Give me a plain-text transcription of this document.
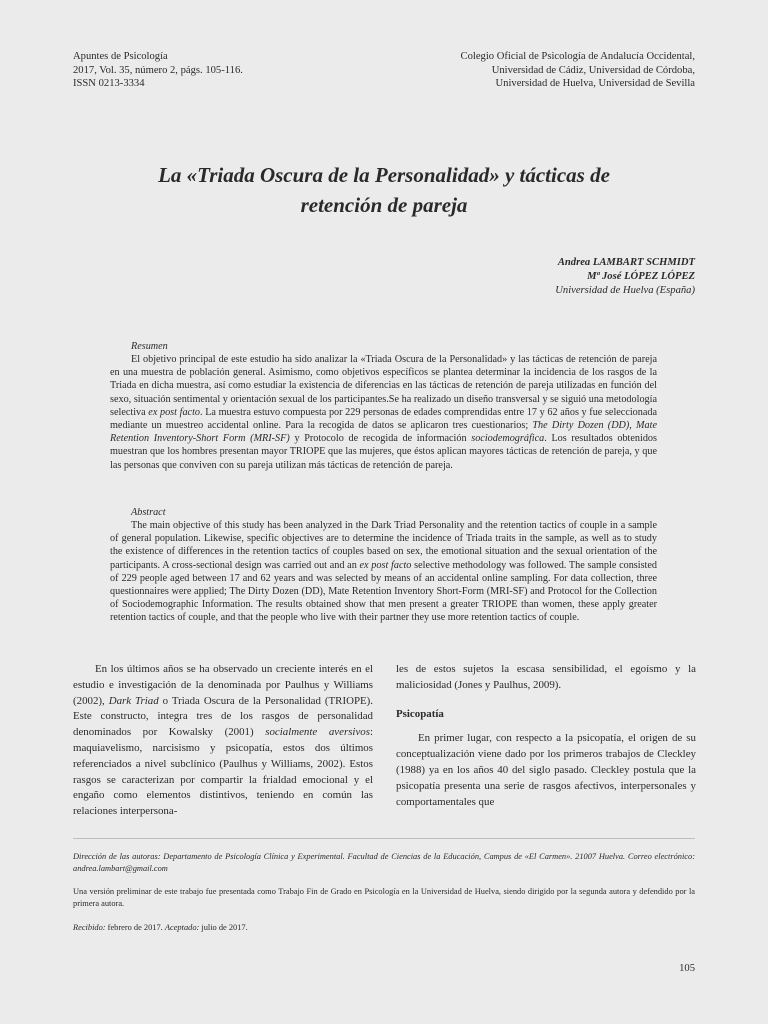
Apuntes de Psicología
2017, Vol. 35, número 2, págs. 105-116.
ISSN 0213-3334
Colegio Oficial de Psicología de Andalucía Occidental,
Universidad de Cádiz, Universidad de Córdoba,
Universidad de Huelva, Universidad de Sevilla
La «Triada Oscura de la Personalidad» y tácticas de
retención de pareja
Andrea LAMBART SCHMIDT
Mª José LÓPEZ LÓPEZ
Universidad de Huelva (España)
Resumen

El objetivo principal de este estudio ha sido analizar la «Triada Oscura de la Personalidad» y las tácticas de retención de pareja en una muestra de población general. Asimismo, como objetivos específicos se plantea determinar la incidencia de los rasgos de la Triada en dicha muestra, así como estudiar la existencia de diferencias en las tácticas de retención de pareja utilizadas en función del sexo, situación sentimental y orientación sexual de los participantes.Se ha realizado un diseño transversal y se siguió una metodología selectiva ex post facto. La muestra estuvo compuesta por 229 personas de edades comprendidas entre 17 y 62 años y fue seleccionada mediante un muestreo accidental online. Para la recogida de datos se aplicaron tres cuestionarios; The Dirty Dozen (DD), Mate Retention Inventory-Short Form (MRI-SF) y Protocolo de recogida de información sociodemográfica. Los resultados obtenidos muestran que los hombres presentan mayor TRIOPE que las mujeres, que éstos aplican mayores tácticas de retención de pareja, y que las personas que conviven con su pareja utilizan más tácticas de retención de pareja.

Abstract

The main objective of this study has been analyzed in the Dark Triad Personality and the retention tactics of couple in a sample of general population. Likewise, specific objectives are to determine the incidence of Triada traits in the sample, as well as to study the existence of differences in the retention tactics of couples based on sex, the emotional situation and the sexual orientation of the participants. A cross-sectional design was carried out and an ex post facto selective methodology was followed. The sample consisted of 229 people aged between 17 and 62 years and was selected by means of an accidental online sampling. For data collection, three questionnaires were applied; The Dirty Dozen (DD), Mate Retention Inventory Short-Form (MRI-SF) and Protocol for the Collection of Sociodemographic Information. The results obtained show that men present a greater TRIOPE than women, these apply greater retention tactics of couple, and that the people who live with their partner they use more retention tactics of couple.

En los últimos años se ha observado un creciente interés en el estudio e investigación de la denominada por Paulhus y Williams (2002), Dark Triad o Triada Oscura de la Personalidad (TRIOPE). Este constructo, integra tres de los rasgos de personalidad denominados por Kowalsky (2001) socialmente aversivos: maquiavelismo, narcisismo y psicopatía, estos dos últimos referenciados a nivel subclínico (Paulhus y Williams, 2002). Estos rasgos se caracterizan por compartir la frialdad emocional y el engaño como elementos distintivos, teniendo en común las relaciones interpersona-

les de estos sujetos la escasa sensibilidad, el egoísmo y la maliciosidad (Jones y Paulhus, 2009).

Psicopatía

En primer lugar, con respecto a la psicopatía, el origen de su conceptualización viene dado por los primeros trabajos de Cleckley (1988) ya en los años 40 del siglo pasado. Cleckley postula que la psicopatía presenta una serie de rasgos afectivos, interpersonales y comportamentales que

Dirección de las autoras: Departamento de Psicología Clínica y Experimental. Facultad de Ciencias de la Educación, Campus de «El Carmen». 21007 Huelva. Correo electrónico: andrea.lambart@gmail.com
Una versión preliminar de este trabajo fue presentada como Trabajo Fin de Grado en Psicología en la Universidad de Huelva, siendo dirigido por la segunda autora y defendido por la primera autora.
Recibido: febrero de 2017. Aceptado: julio de 2017.
105
